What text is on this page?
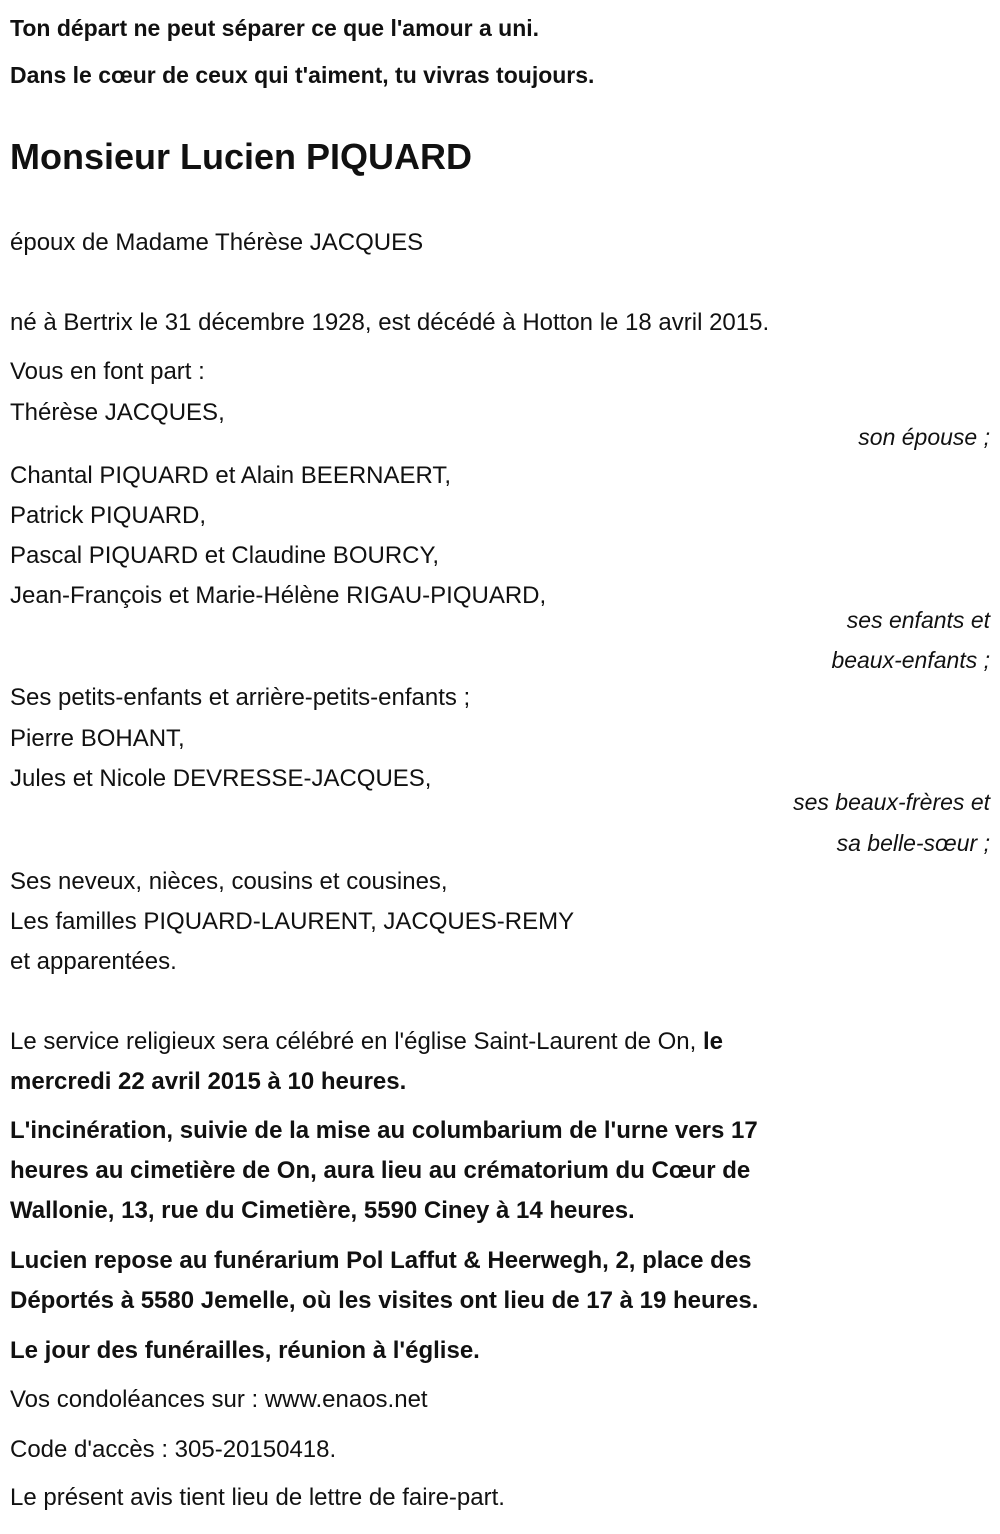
Ton départ ne peut séparer ce que l'amour a uni.
Dans le cœur de ceux qui t'aiment, tu vivras toujours.
Monsieur Lucien PIQUARD
époux de Madame Thérèse JACQUES
né à Bertrix le 31 décembre 1928, est décédé à Hotton le 18 avril 2015.
Vous en font part :
Thérèse JACQUES,
son épouse ;
Chantal PIQUARD et Alain BEERNAERT,
Patrick PIQUARD,
Pascal PIQUARD et Claudine BOURCY,
Jean-François et Marie-Hélène RIGAU-PIQUARD,
ses enfants et
beaux-enfants ;
Ses petits-enfants et arrière-petits-enfants ;
Pierre BOHANT,
Jules et Nicole DEVRESSE-JACQUES,
ses beaux-frères et
sa belle-sœur ;
Ses neveux, nièces, cousins et cousines,
Les familles PIQUARD-LAURENT, JACQUES-REMY
et apparentées.
Le service religieux sera célébré en l'église Saint-Laurent de On, le
mercredi 22 avril 2015 à 10 heures.
L'incinération, suivie de la mise au columbarium de l'urne vers 17
heures au cimetière de On, aura lieu au crématorium du Cœur de
Wallonie, 13, rue du Cimetière, 5590 Ciney à 14 heures.
Lucien repose au funérarium Pol Laffut & Heerwegh, 2, place des
Déportés à 5580 Jemelle, où les visites ont lieu de 17 à 19 heures.
Le jour des funérailles, réunion à l'église.
Vos condoléances sur : www.enaos.net
Code d'accès : 305-20150418.
Le présent avis tient lieu de lettre de faire-part.
